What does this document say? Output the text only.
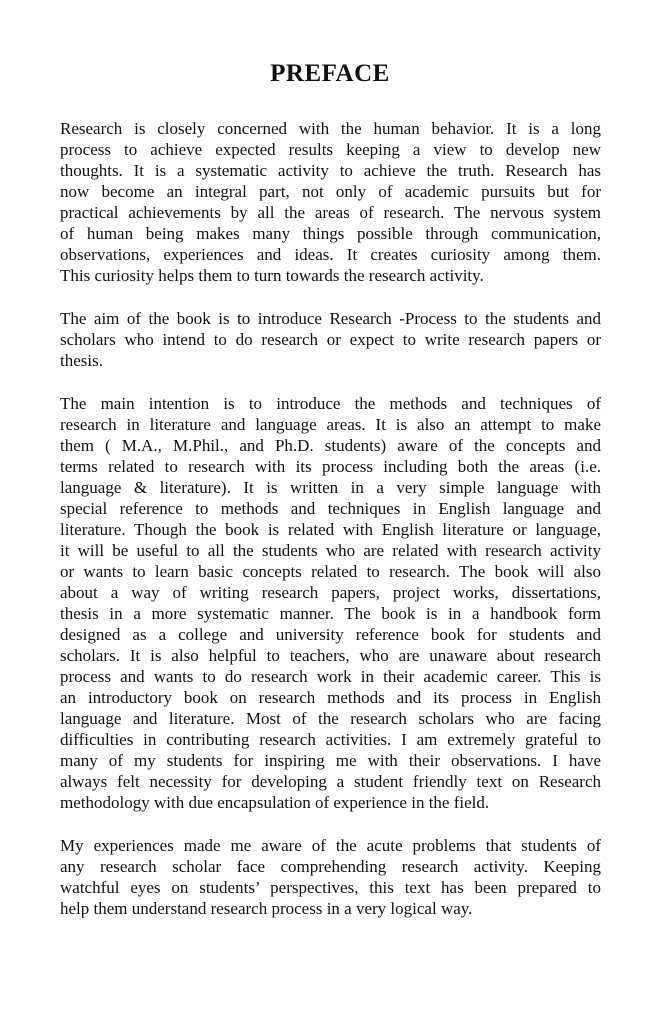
PREFACE
Research is closely concerned with the human behavior. It is a long
process to achieve expected results keeping a view to develop new
thoughts. It is a systematic activity to achieve the truth. Research has
now become an integral part, not only of academic pursuits but for
practical achievements by all the areas of research. The nervous system
of human being makes many things possible through communication,
observations, experiences and ideas. It creates curiosity among them.
This curiosity helps them to turn towards the research activity.
The aim of the book is to introduce Research -Process to the students and
scholars who intend to do research or expect to write research papers or
thesis.
The main intention is to introduce the methods and techniques of
research in literature and language areas. It is also an attempt to make
them ( M.A., M.Phil., and Ph.D. students) aware of the concepts and
terms related to research with its process including both the areas (i.e.
language & literature). It is written in a very simple language with
special reference to methods and techniques in English language and
literature. Though the book is related with English literature or language,
it will be useful to all the students who are related with research activity
or wants to learn basic concepts related to research. The book will also
about a way of writing research papers, project works, dissertations,
thesis in a more systematic manner. The book is in a handbook form
designed as a college and university reference book for students and
scholars. It is also helpful to teachers, who are unaware about research
process and wants to do research work in their academic career. This is
an introductory book on research methods and its process in English
language and literature. Most of the research scholars who are facing
difficulties in contributing research activities. I am extremely grateful to
many of my students for inspiring me with their observations. I have
always felt necessity for developing a student friendly text on Research
methodology with due encapsulation of experience in the field.
My experiences made me aware of the acute problems that students of
any research scholar face comprehending research activity. Keeping
watchful eyes on students’ perspectives, this text has been prepared to
help them understand research process in a very logical way.
